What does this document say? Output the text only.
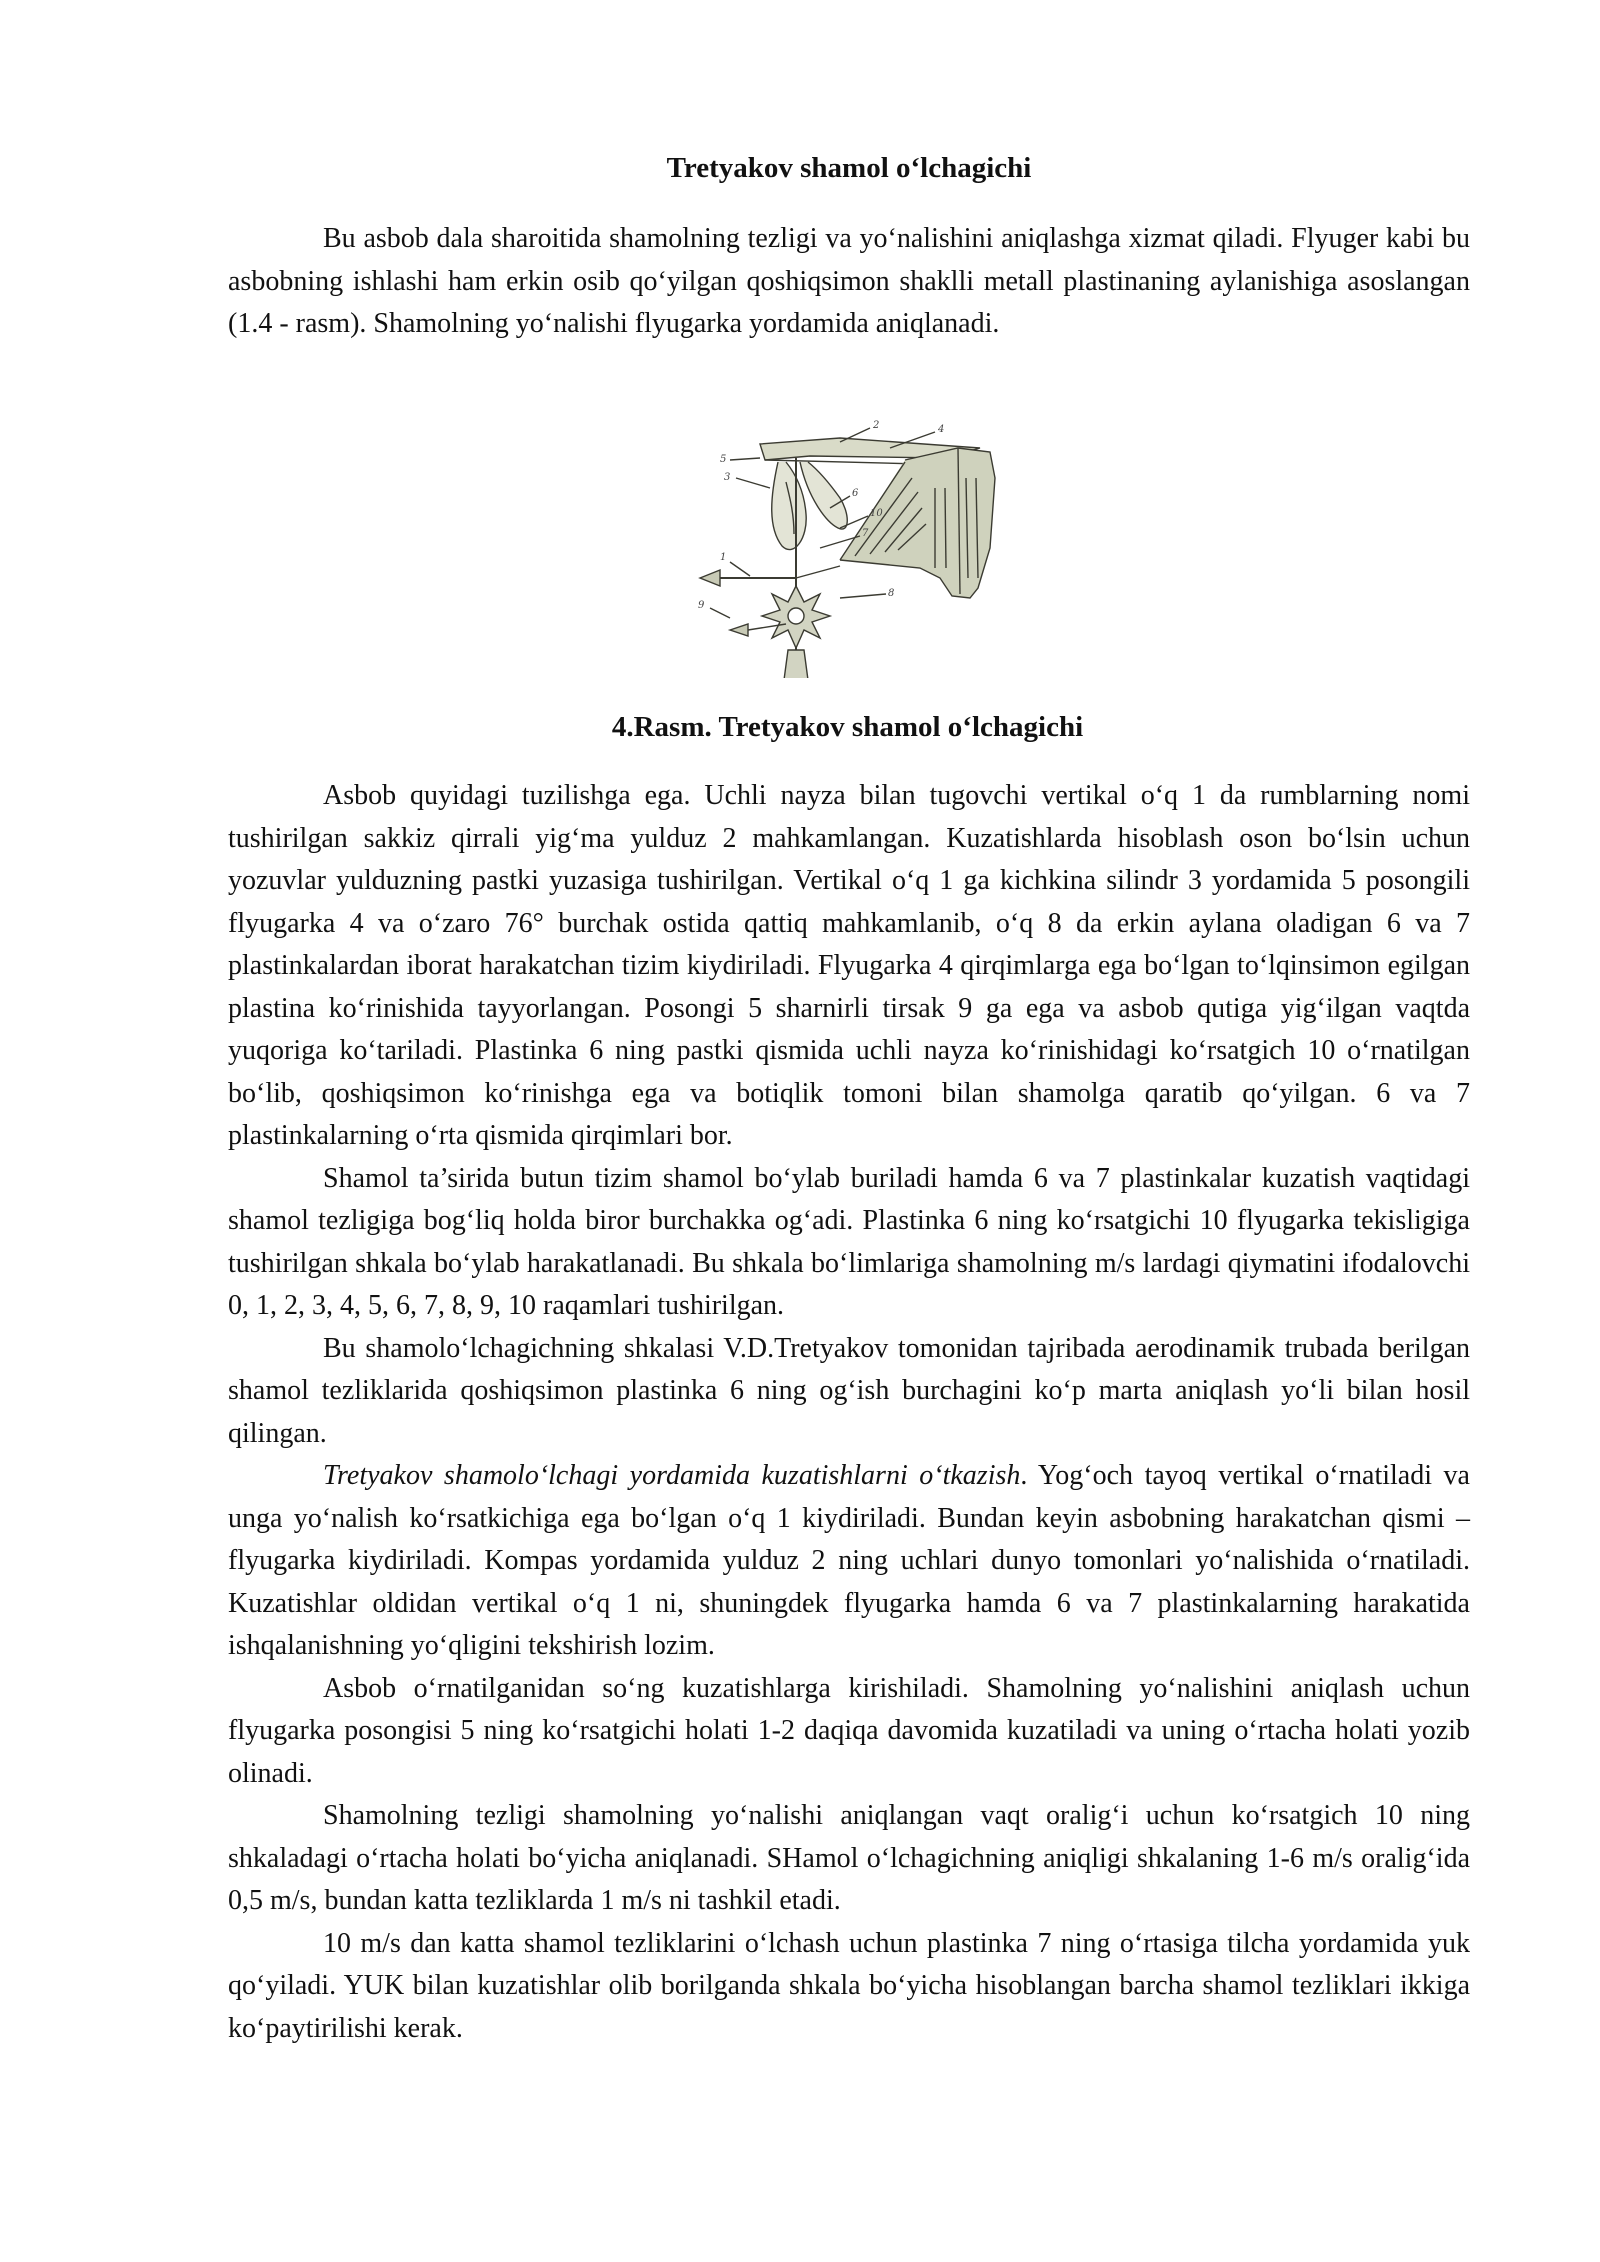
Tretyakov shamol o‘lchagichi

Bu asbob dala sharoitida shamolning tezligi va yo‘nalishini aniqlashga xizmat qiladi. Flyuger kabi bu asbobning ishlashi ham erkin osib qo‘yilgan qoshiqsimon shaklli metall plastinaning aylanishiga asoslangan (1.4 - rasm). Shamolning yo‘nalishi flyugarka yordamida aniqlanadi.

2	4
5
3
6
10
1
7
8
9
4.Rasm. Tretyakov shamol o‘lchagichi

Asbob quyidagi tuzilishga ega. Uchli nayza bilan tugovchi vertikal o‘q 1 da rumblarning nomi tushirilgan sakkiz qirrali yig‘ma yulduz 2 mahkamlangan. Kuzatishlarda hisoblash oson bo‘lsin uchun yozuvlar yulduzning pastki yuzasiga tushirilgan. Vertikal o‘q 1 ga kichkina silindr 3 yordamida 5 posongili flyugarka 4 va o‘zaro 76° burchak ostida qattiq mahkamlanib, o‘q 8 da erkin aylana oladigan 6 va 7 plastinkalardan iborat harakatchan tizim kiydiriladi. Flyugarka 4 qirqimlarga ega bo‘lgan to‘lqinsimon egilgan plastina ko‘rinishida tayyorlangan. Posongi 5 sharnirli tirsak 9 ga ega va asbob qutiga yig‘ilgan vaqtda yuqoriga ko‘tariladi. Plastinka 6 ning pastki qismida uchli nayza ko‘rinishidagi ko‘rsatgich 10 o‘rnatilgan bo‘lib, qoshiqsimon ko‘rinishga ega va botiqlik tomoni bilan shamolga qaratib qo‘yilgan. 6 va 7 plastinkalarning o‘rta qismida qirqimlari bor.

Shamol ta’sirida butun tizim shamol bo‘ylab buriladi hamda 6 va 7 plastinkalar kuzatish vaqtidagi shamol tezligiga bog‘liq holda biror burchakka og‘adi. Plastinka 6 ning ko‘rsatgichi 10 flyugarka tekisligiga tushirilgan shkala bo‘ylab harakatlanadi. Bu shkala bo‘limlariga shamolning m/s lardagi qiymatini ifodalovchi 0, 1, 2, 3, 4, 5, 6, 7, 8, 9, 10 raqamlari tushirilgan.

Bu shamolo‘lchagichning shkalasi V.D.Tretyakov tomonidan tajribada aerodinamik trubada berilgan shamol tezliklarida qoshiqsimon plastinka 6 ning og‘ish burchagini ko‘p marta aniqlash yo‘li bilan hosil qilingan.

Tretyakov shamolo‘lchagi yordamida kuzatishlarni o‘tkazish. Yog‘och tayoq vertikal o‘rnatiladi va unga yo‘nalish ko‘rsatkichiga ega bo‘lgan o‘q 1 kiydiriladi. Bundan keyin asbobning harakatchan qismi – flyugarka kiydiriladi. Kompas yordamida yulduz 2 ning uchlari dunyo tomonlari yo‘nalishida o‘rnatiladi. Kuzatishlar oldidan vertikal o‘q 1 ni, shuningdek flyugarka hamda 6 va 7 plastinkalarning harakatida ishqalanishning yo‘qligini tekshirish lozim.

Asbob o‘rnatilganidan so‘ng kuzatishlarga kirishiladi. Shamolning yo‘nalishini aniqlash uchun flyugarka posongisi 5 ning ko‘rsatgichi holati 1-2 daqiqa davomida kuzatiladi va uning o‘rtacha holati yozib olinadi.

Shamolning tezligi shamolning yo‘nalishi aniqlangan vaqt oralig‘i uchun ko‘rsatgich 10 ning shkaladagi o‘rtacha holati bo‘yicha aniqlanadi. SHamol o‘lchagichning aniqligi shkalaning 1-6 m/s oralig‘ida 0,5 m/s, bundan katta tezliklarda 1 m/s ni tashkil etadi.

10 m/s dan katta shamol tezliklarini o‘lchash uchun plastinka 7 ning o‘rtasiga tilcha yordamida yuk qo‘yiladi. YUK bilan kuzatishlar olib borilganda shkala bo‘yicha hisoblangan barcha shamol tezliklari ikkiga ko‘paytirilishi kerak.
